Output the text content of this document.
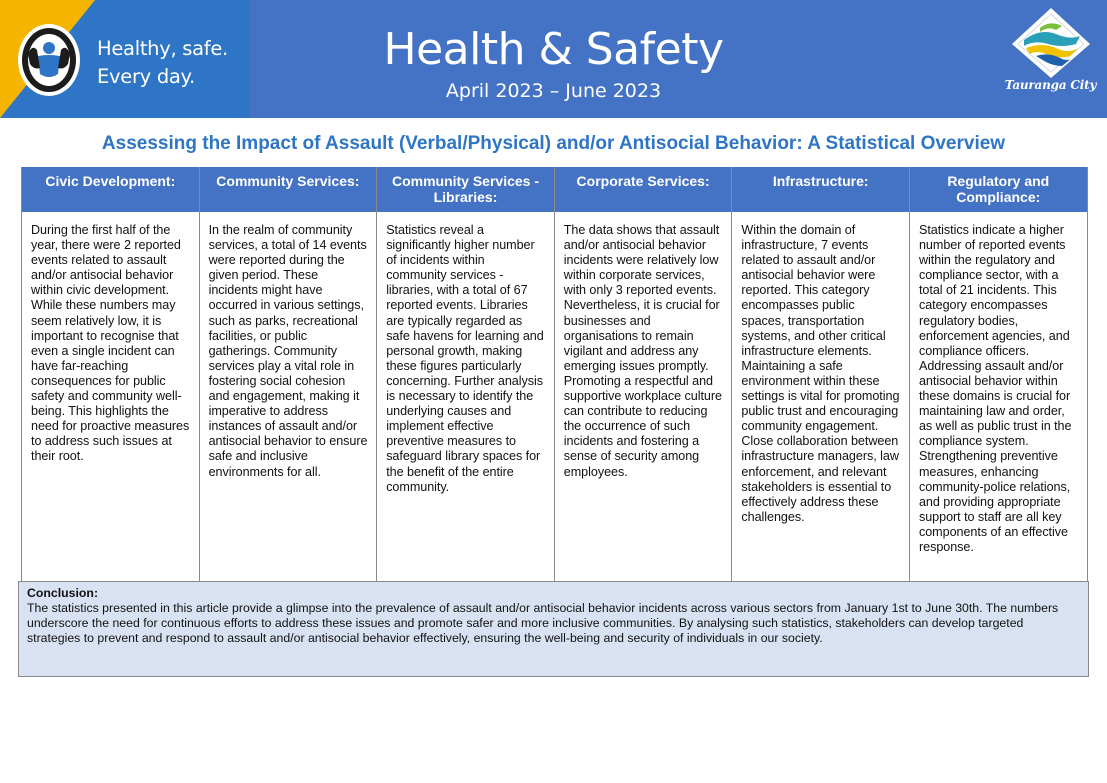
Healthy, safe.
Every day.
Health & Safety
April 2023 – June 2023	Tauranga City
Assessing the Impact of Assault (Verbal/Physical) and/or Antisocial Behavior: A Statistical Overview
Civic Development:
During the first half of the year, there were 2 reported events related to assault and/or antisocial behavior within civic development. While these numbers may seem relatively low, it is important to recognise that even a single incident can have far-reaching consequences for public safety and community well-being. This highlights the need for proactive measures to address such issues at their root.
Community Services:
In the realm of community services, a total of 14 events were reported during the given period. These incidents might have occurred in various settings, such as parks, recreational facilities, or public gatherings. Community services play a vital role in fostering social cohesion and engagement, making it imperative to address instances of assault and/or antisocial behavior to ensure safe and inclusive environments for all.
Community Services - Libraries:
Statistics reveal a significantly higher number of incidents within community services - libraries, with a total of 67 reported events. Libraries are typically regarded as safe havens for learning and personal growth, making these figures particularly concerning. Further analysis is necessary to identify the underlying causes and implement effective preventive measures to safeguard library spaces for the benefit of the entire community.
Corporate Services:
The data shows that assault and/or antisocial behavior incidents were relatively low within corporate services, with only 3 reported events. Nevertheless, it is crucial for businesses and organisations to remain vigilant and address any emerging issues promptly. Promoting a respectful and supportive workplace culture can contribute to reducing the occurrence of such incidents and fostering a sense of security among employees.
Infrastructure:
Within the domain of infrastructure, 7 events related to assault and/or antisocial behavior were reported. This category encompasses public spaces, transportation systems, and other critical infrastructure elements. Maintaining a safe environment within these settings is vital for promoting public trust and encouraging community engagement. Close collaboration between infrastructure managers, law enforcement, and relevant stakeholders is essential to effectively address these challenges.
Regulatory and Compliance:
Statistics indicate a higher number of reported events within the regulatory and compliance sector, with a total of 21 incidents. This category encompasses regulatory bodies, enforcement agencies, and compliance officers. Addressing assault and/or antisocial behavior within these domains is crucial for maintaining law and order, as well as public trust in the compliance system. Strengthening preventive measures, enhancing community-police relations, and providing appropriate support to staff are all key components of an effective response.
Conclusion:
The statistics presented in this article provide a glimpse into the prevalence of assault and/or antisocial behavior incidents across various sectors from January 1st to June 30th. The numbers underscore the need for continuous efforts to address these issues and promote safer and more inclusive communities. By analysing such statistics, stakeholders can develop targeted strategies to prevent and respond to assault and/or antisocial behavior effectively, ensuring the well-being and security of individuals in our society.
